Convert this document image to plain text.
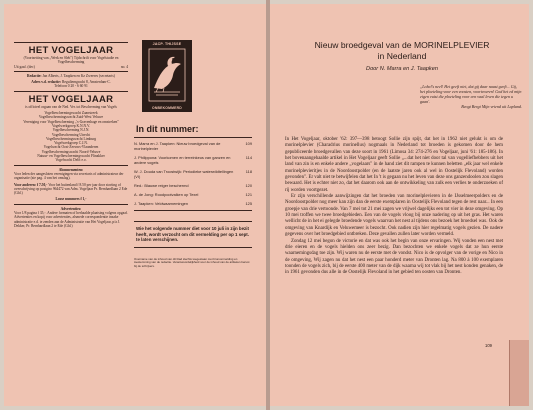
HET VOGELJAAR
(Voortzetting van „Werk en Sleb") Tijdschrift voor Vogelstudie en Vogelbescherming
Uit gaaf. (dec)	no. 4

Redactie: Jan Alberts, J. Taapken en Kz Zweeres (secretaris)

Adres v.d. redactie: Regulierngracht 8, Amsterdam-C.
Telefoon 0 20 - 6 60 91

HET VOGELJAAR

is officieel orgaan van de Ned. Ver. tot Bescherming van Vogels

Vogelbeschermingswacht Zaanstreek
Vogelbeschermingswacht Zuid-West Veluwe
Vereniging voor Vogelbescherming „'s-Gravenhage en omstreken"
Vogelwerkgroep K.N.N.V.
Vogelbescherming N.J.N.
Vogelbescherming Utrecht
Vogelbeschermingswacht Limburg
Vogelwerkgroep C.J.N.
Vogelwacht Oost-Zeeuws-Vlaanderen
Vogelbeschermingswacht Noord-Veluwe
Natuur- en Vogelbeschermingswacht Flinakker
Vogelwacht Delft e.o.

Abonnementen:
Voor leden der aangesloten verenigingen via secretaris of administrateur der organisatie (zie pag. 4 van het omslag).

Voor anderen: f 7.50,- Voor het buitenland f 8.50 per jaar door storting of overschrijving op postgiro 964472 van Adm. Vogeljaar Pr. Bernhardlaan 2 Ede (Gld.)

Losse nummers f 1,-

Advertenties:
Voor 1/8 pagina f 35,-. Andere formaten of herhaalde plaatsing volgens opgaaf. Advertenties en kopij voor advertenties, alsmede correspondentie inzake administratie e.d. te zenden aan de Administratie van Het Vogeljaar, p/a J. Dekker, Pr. Bernhardlaan 2 te Ede (Gld.)

JACP. THIJSSE
ONBEKOMMERD
In dit nummer:
N. Marra en J. Taapken: Nieuw broedgeval van de morinelplevier
109
J. Philippona: Voorkomen en terreinkeus van ganzen en andere vogels
114
W. J. Douda van Troostwijk: Periodieke waterwildtellingen (VI)
118
Red.: Blauwe reiger beschermd	120
A. de Jong: Roodpootvalken op Texel	121
J. Taapken: Veldwaarnemingen	125
Wie het volgende nummer diet voor 10 juli in zijn bezit heeft, wordt verzocht om dit vermelding per op 1 sept. te laten verschijnen.
Overname van de inhoud van dit blad slechts toegestaan met bronvermelding en toestemming van de redactie. Verantwoordelijkheid voor de inhoud van de artikelen berust bij de schrijvers.
Nieuw broedgeval van de MORINELPLEVIER
in Nederland
Door N. Marra en J. Taapken
„Lobel's neel! Het geeft niet, dat gij daar naast geeft... Gij, het ploeteling voor een voosten, voortvoeren! God het ed mijn eigen vuist die ploeteling voor een vaal leven die tegen u gaan'.
Beogt Bergt Mijn vriend uit Lapland.

In Het Vogeljaar, oktober '62: 397—398 betoogt Sollie zijn spijt, dat het in 1962 niet gelukt is om de morinelplevier (Charadrius morinellus) nogmaals in Nederland tot broeden is gekomen door de hem gepubliceerde broedgevallen van deze soort in 1961 (Limosa 34: 274-276 en Vogeljaar, juni '61: 185-186). In het bovenaangehaalde artikel in Het Vogeljaar geeft Sollie „...dat het niet door tal van vogelliefhebbers uit het land van zin is en enkele andere „vogelaars" in de hand ziet dit rampen te kunnen beletten „elk jaar wel enkele morinelplevieritjes in de Noordoostpolder (en de laatste jaren ook al wel in Oostelijk Flevoland) worden gevonden". Er valt niet te betwijfelen dat het In 't is gegaan nu het leven van deze ons ganzendoolen zou slagen bewaard. Het is echter niet zo, dat het daarom ook aan de ontwikkeling van zulk een verlies te onderzoeken of rij worden voortgezet.

Er zijn verschillende aanwijzingen dat het broeden van morinelplevieren in de IJsselmeerpolders en de Noordoostpolder nog meer kan zijn dan de eerste exemplaren in Oostelijk Flevoland tegen de rest naar... In een groepje van drie vertoonde. Van 7 mei tot 21 mei zagen we vrijwel dagelijks een tot vier in deze omgeving. Op 10 mei troffen we twee broedgebieden. Een van de vogels vloog bij onze nadering op uit het gras. Het waren wellicht de in het ei gelegde broedende vogels waarvan het nest al tijdens ons bezoek het broedsel was. Ook de omgeving van Knardijk en Veluwemeer is bezocht. Ook nadien zijn hier regelmatig vogels gezien. De nadere gegevens over het broedgebied ontbreken. Deze gevallen zullen later worden vermeld.

Zondag 12 mei begon de victorie en dat was ook het begin van onze ervaringen. Wij vonden een nest met drie eieren en de vogels hielden ons zeer bezig. Dan bezochten we enkele vogels dat ze hun eerste waarnemingsdag toe zijn. Wij waren nu de eerste met de vondst. Nico is de opvolger van de vorige en Nico in de omgeving, Wij zagen nu dat het nest een paar honderd meter van Dronten lag. Na 800 à 100 exemplaren toonden de vogels zich, bij de eerste 400 meter van de dijk waarna wij tot vlak bij het nest konden genaken, de in 1961 gevonden dus alle in de Oostelijk Flevoland in het gebied ten oosten van Dronten.

109
